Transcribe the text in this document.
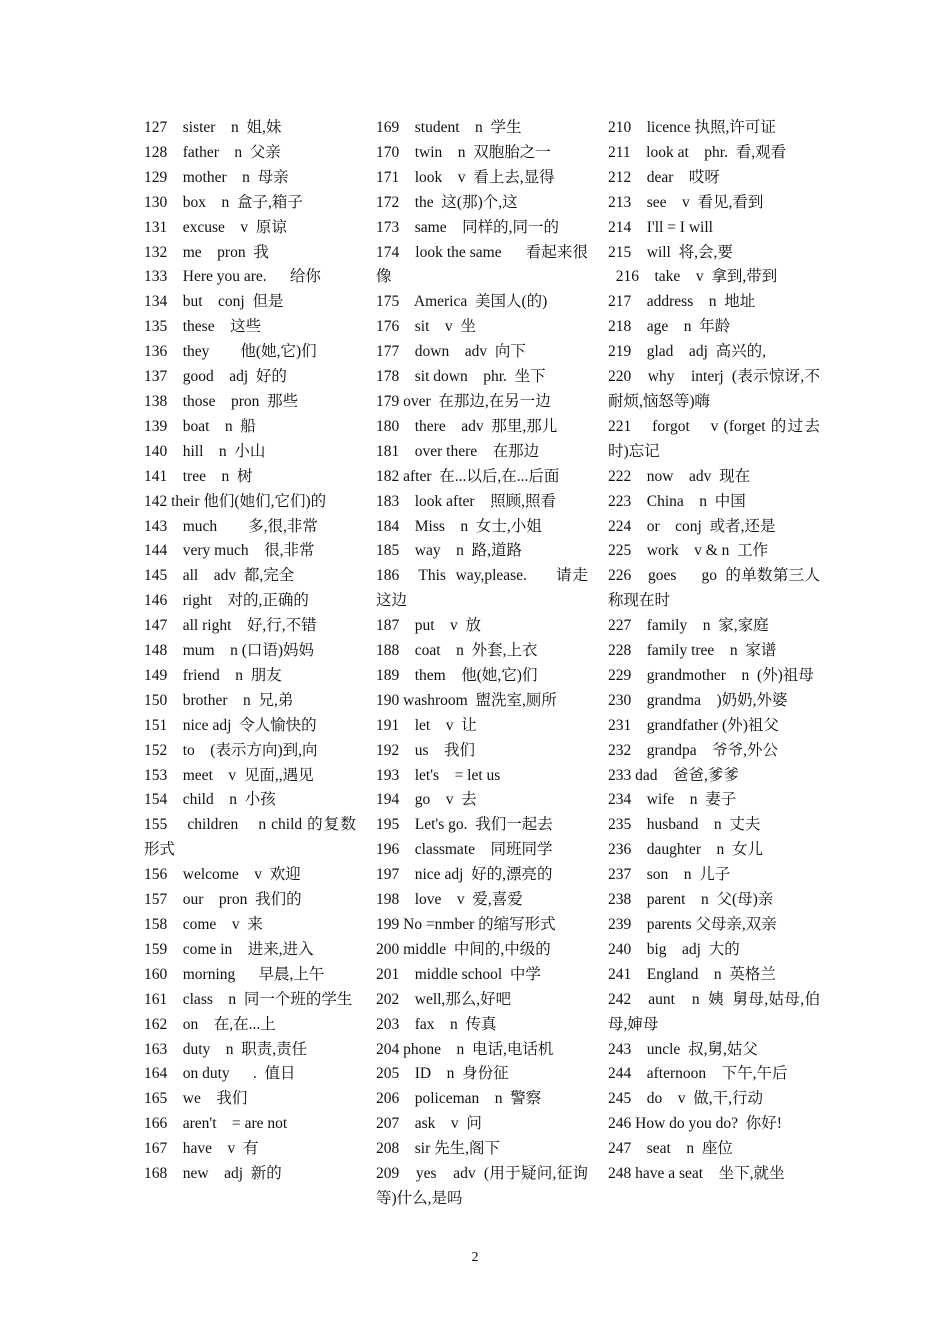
127    sister    n  姐,妹
128    father    n  父亲
129    mother    n  母亲
130    box    n  盒子,箱子
131    excuse    v  原谅
132    me    pron  我
133    Here you are.      给你
134    but    conj  但是
135    these    这些
136    they        他(她,它)们
137    good    adj  好的
138    those    pron  那些
139    boat    n  船
140    hill    n  小山
141    tree    n  树
142 their 他们(她们,它们)的
143    much        多,很,非常
144    very much    很,非常
145    all    adv  都,完全
146    right    对的,正确的
147    all right    好,行,不错
148    mum    n (口语)妈妈
149    friend    n  朋友
150    brother    n  兄,弟
151    nice adj  令人愉快的
152    to    (表示方向)到,向
153    meet    v  见面,,遇见
154    child    n  小孩
155    children    n child 的复数形式
156    welcome    v  欢迎
157    our    pron  我们的
158    come    v  来
159    come in    进来,进入
160    morning      早晨,上午
161    class    n  同一个班的学生
162    on    在,在...上
163    duty    n  职责,责任
164    on duty      .  值日
165    we    我们
166    aren't    = are not
167    have    v  有
168    new    adj  新的
169    student    n  学生
170    twin    n  双胞胎之一
171    look    v  看上去,显得
172    the  这(那)个,这
173    same    同样的,同一的
174    look the same      看起来很像
175    America  美国人(的)
176    sit    v  坐
177    down    adv  向下
178    sit down    phr.  坐下
179 over  在那边,在另一边
180    there    adv  那里,那儿
181    over there    在那边
182 after  在...以后,在...后面
183    look after    照顾,照看
184    Miss    n  女士,小姐
185    way    n  路,道路
186    This  way,please.      请走这边
187    put    v  放
188    coat    n  外套,上衣
189    them    他(她,它)们
190 washroom  盥洗室,厕所
191    let    v  让
192    us    我们
193    let's    = let us
194    go    v  去
195    Let's go.  我们一起去
196    classmate    同班同学
197    nice adj  好的,漂亮的
198    love    v  爱,喜爱
199 No =nmber 的缩写形式
200 middle  中间的,中级的
201    middle school  中学
202    well,那么,好吧
203    fax    n  传真
204 phone    n  电话,电话机
205    ID    n  身份征
206    policeman    n  警察
207    ask    v  问
208    sir 先生,阁下
209    yes    adv  (用于疑问,征询等)什么,是吗
210    licence 执照,许可证
211    look at    phr.  看,观看
212    dear    哎呀
213    see    v  看见,看到
214    I'll = I will
215    will  将,会,要
216    take    v  拿到,带到
217    address    n  地址
218    age    n  年龄
219    glad    adj  高兴的,
220    why    interj  (表示惊讶,不耐烦,恼怒等)嗨
221    forgot    v (forget 的过去时)忘记
222    now    adv  现在
223    China    n  中国
224    or    conj  或者,还是
225    work    v & n  工作
226    goes      go  的单数第三人称现在时
227    family    n  家,家庭
228    family tree    n  家谱
229    grandmother    n  (外)祖母
230    grandma    )奶奶,外婆
231    grandfather (外)祖父
232    grandpa    爷爷,外公
233 dad    爸爸,爹爹
234    wife    n  妻子
235    husband    n  丈夫
236    daughter    n  女儿
237    son    n  儿子
238    parent    n  父(母)亲
239    parents 父母亲,双亲
240    big    adj  大的
241    England    n  英格兰
242    aunt    n  姨  舅母,姑母,伯母,婶母
243    uncle  叔,舅,姑父
244    afternoon    下午,午后
245    do    v  做,干,行动
246 How do you do?  你好!
247    seat    n  座位
248 have a seat    坐下,就坐
2
